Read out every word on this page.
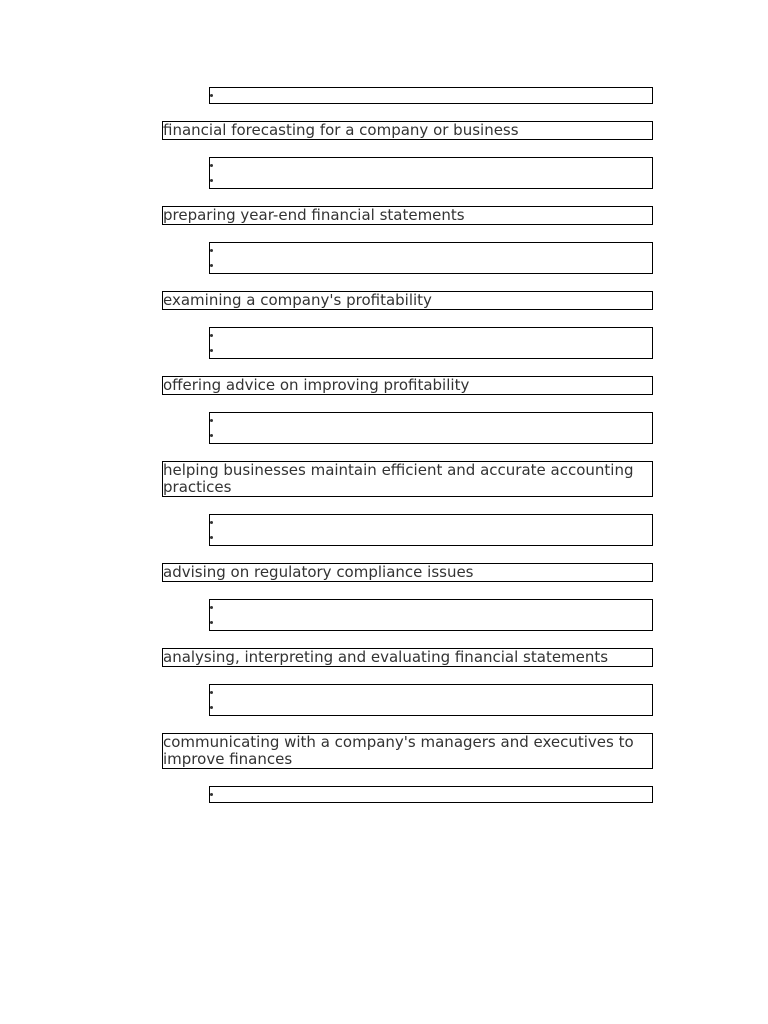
financial forecasting for a company or business
preparing year-end financial statements
examining a company's profitability
offering advice on improving profitability
helping businesses maintain efficient and accurate accounting practices
advising on regulatory compliance issues
analysing, interpreting and evaluating financial statements
communicating with a company's managers and executives to improve finances
